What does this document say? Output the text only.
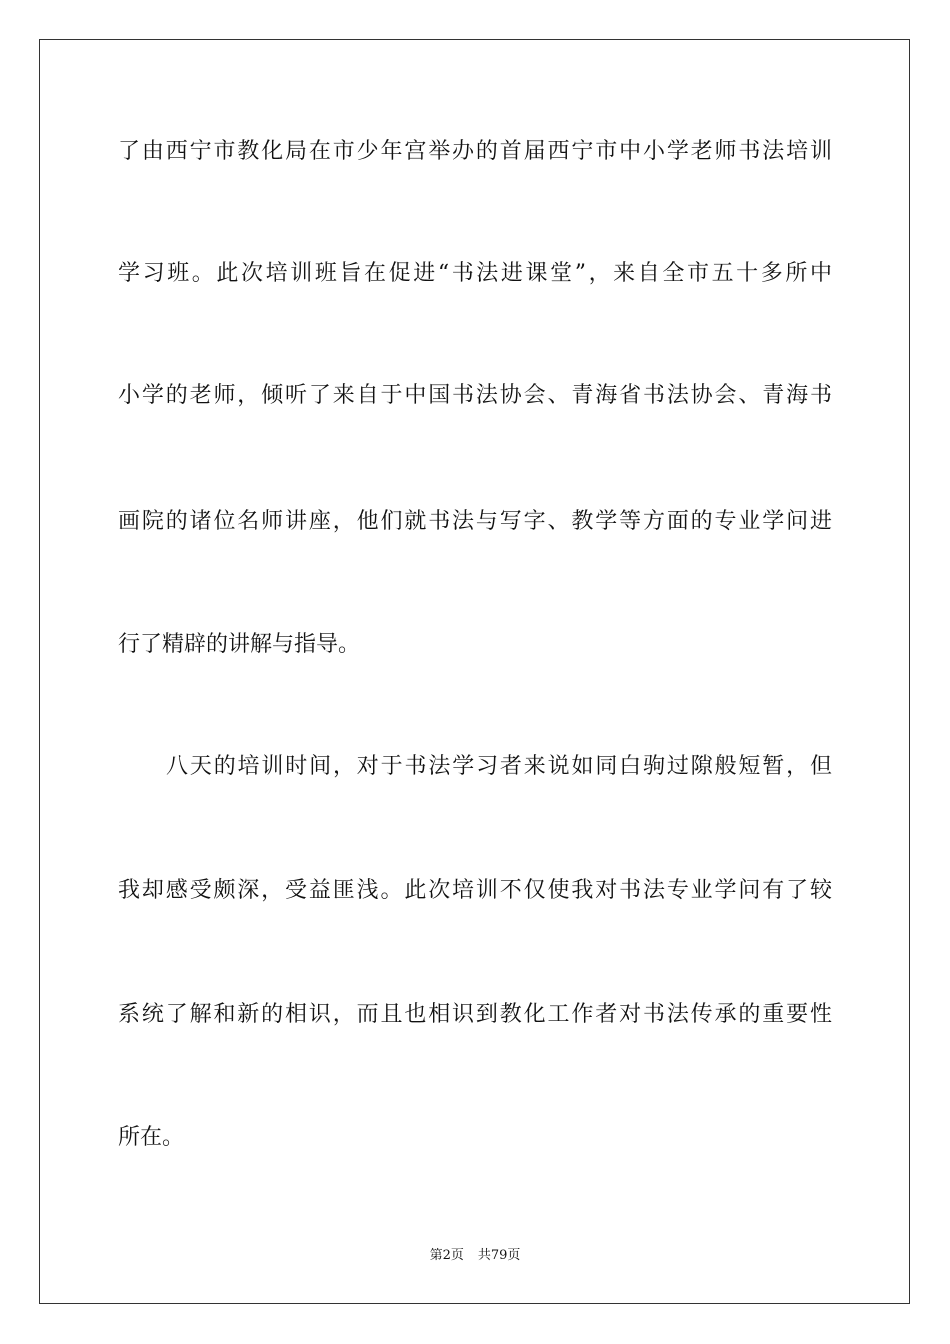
了由西宁市教化局在市少年宫举办的首届西宁市中小学老师书法培训
学习班。此次培训班旨在促进“书法进课堂”，来自全市五十多所中
小学的老师，倾听了来自于中国书法协会、青海省书法协会、青海书
画院的诸位名师讲座，他们就书法与写字、教学等方面的专业学问进
行了精辟的讲解与指导。
八天的培训时间，对于书法学习者来说如同白驹过隙般短暂，但
我却感受颇深，受益匪浅。此次培训不仅使我对书法专业学问有了较
系统了解和新的相识，而且也相识到教化工作者对书法传承的重要性
所在。
第2页 共79页
